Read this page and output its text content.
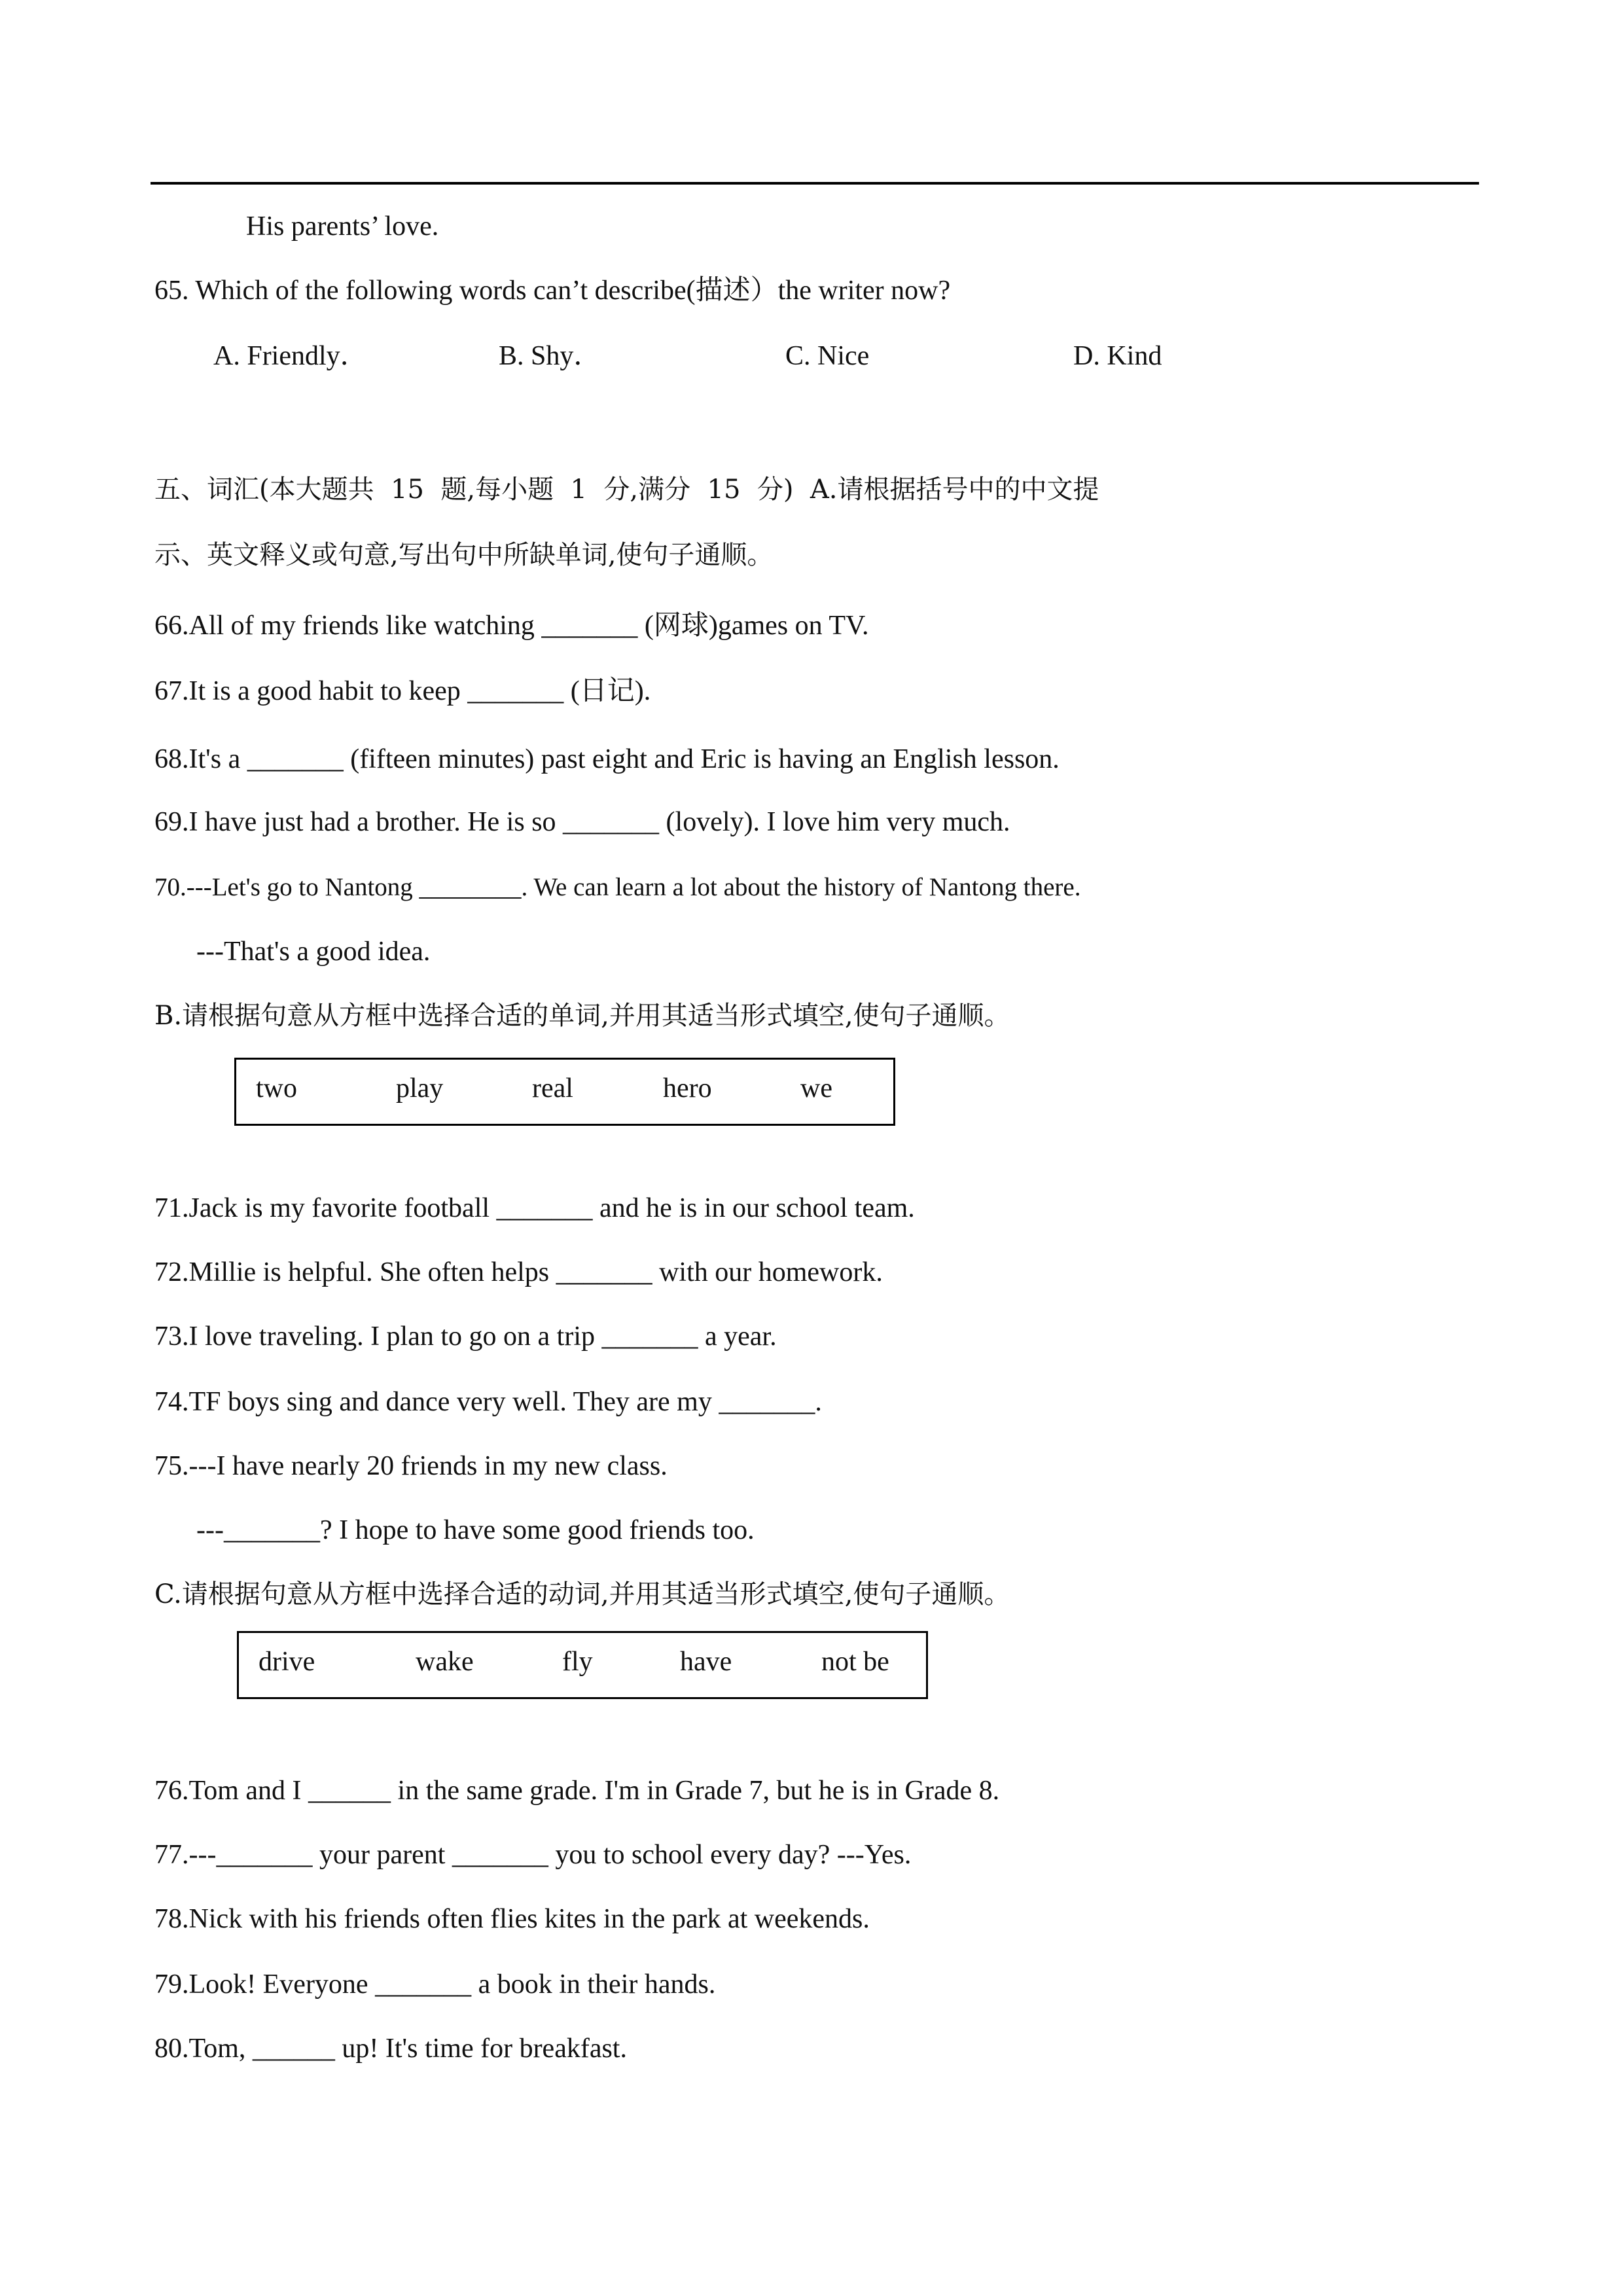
His parents’ love.
65. Which of the following words can’t describe(描述）the writer now?
A. Friendly．	B. Shy．	C. Nice	D. Kind
五、词汇(本大题共  15  题,每小题  1  分,满分  15  分)  A.请根据括号中的中文提
示、英文释义或句意,写出句中所缺单词,使句子通顺。
66.All of my friends like watching _______ (网球)games on TV.
67.It is a good habit to keep _______ (日记).
68.It's a _______ (fifteen minutes) past eight and Eric is having an English lesson.
69.I have just had a brother. He is so _______ (lovely). I love him very much.
70.---Let's go to Nantong ________. We can learn a lot about the history of Nantong there.
---That's a good idea.
B.请根据句意从方框中选择合适的单词,并用其适当形式填空,使句子通顺。
two	play	real	hero	we
71.Jack is my favorite football _______ and he is in our school team.
72.Millie is helpful. She often helps _______ with our homework.
73.I love traveling. I plan to go on a trip _______ a year.
74.TF boys sing and dance very well. They are my _______.
75.---I have nearly 20 friends in my new class.
---_______? I hope to have some good friends too.
C.请根据句意从方框中选择合适的动词,并用其适当形式填空,使句子通顺。
drive	wake	fly	have	not be
76.Tom and I ______ in the same grade. I'm in Grade 7, but he is in Grade 8.
77.---_______ your parent _______ you to school every day? ---Yes.
78.Nick with his friends often flies kites in the park at weekends.
79.Look! Everyone _______ a book in their hands.
80.Tom, ______ up! It's time for breakfast.
